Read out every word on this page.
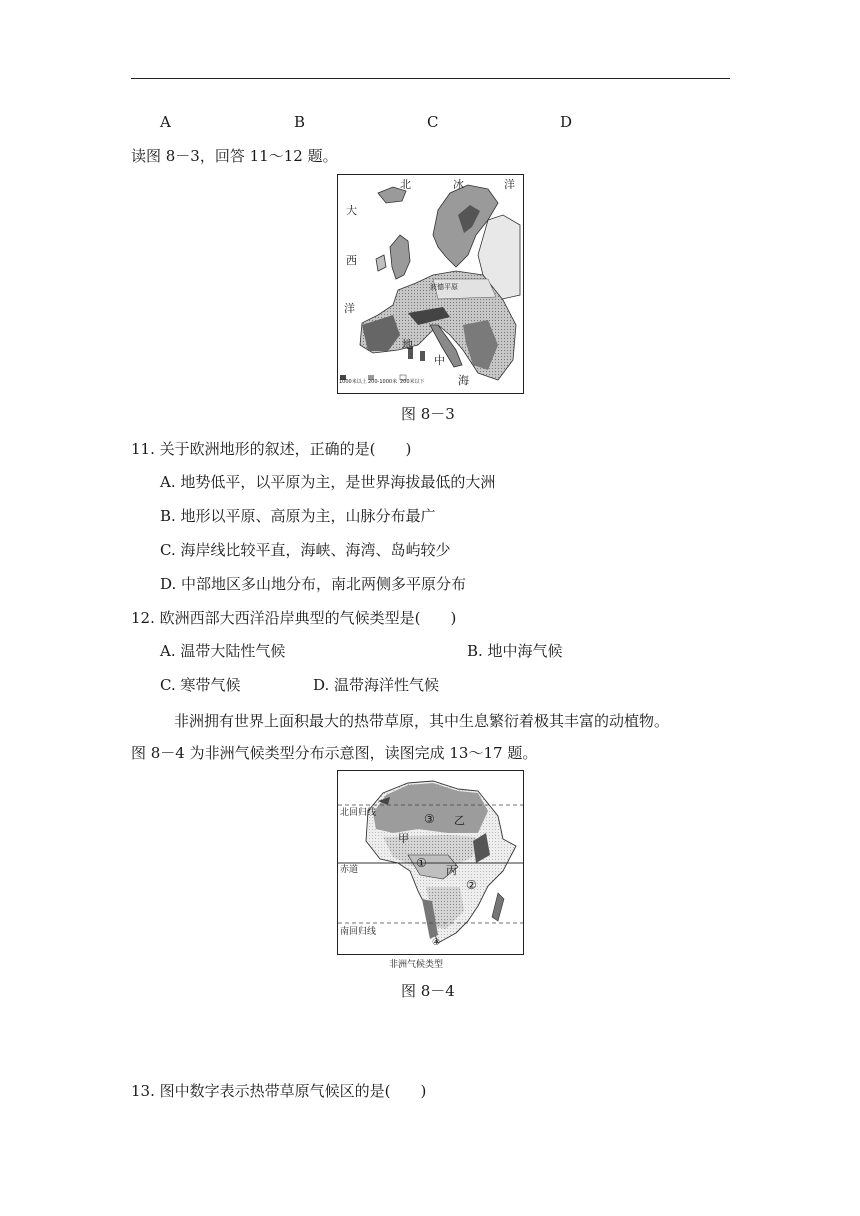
A	B	C	D
读图 8－3，回答 11～12 题。
北	冰	洋
大
西
洋
波德平原
地
中
海
1000米以上 200-1000米 200米以下
图 8－3
11. 关于欧洲地形的叙述，正确的是(　　)
A. 地势低平，以平原为主，是世界海拔最低的大洲
B. 地形以平原、高原为主，山脉分布最广
C. 海岸线比较平直，海峡、海湾、岛屿较少
D. 中部地区多山地分布，南北两侧多平原分布
12. 欧洲西部大西洋沿岸典型的气候类型是(　　)
A. 温带大陆性气候	B. 地中海气候
C. 寒带气候	D. 温带海洋性气候
非洲拥有世界上面积最大的热带草原，其中生息繁衍着极其丰富的动植物。
图 8－4 为非洲气候类型分布示意图，读图完成 13～17 题。
北回归线
赤道
南回归线
甲
乙
丙
①
②
③
④
非洲气候类型
图 8－4
13. 图中数字表示热带草原气候区的是(　　)
